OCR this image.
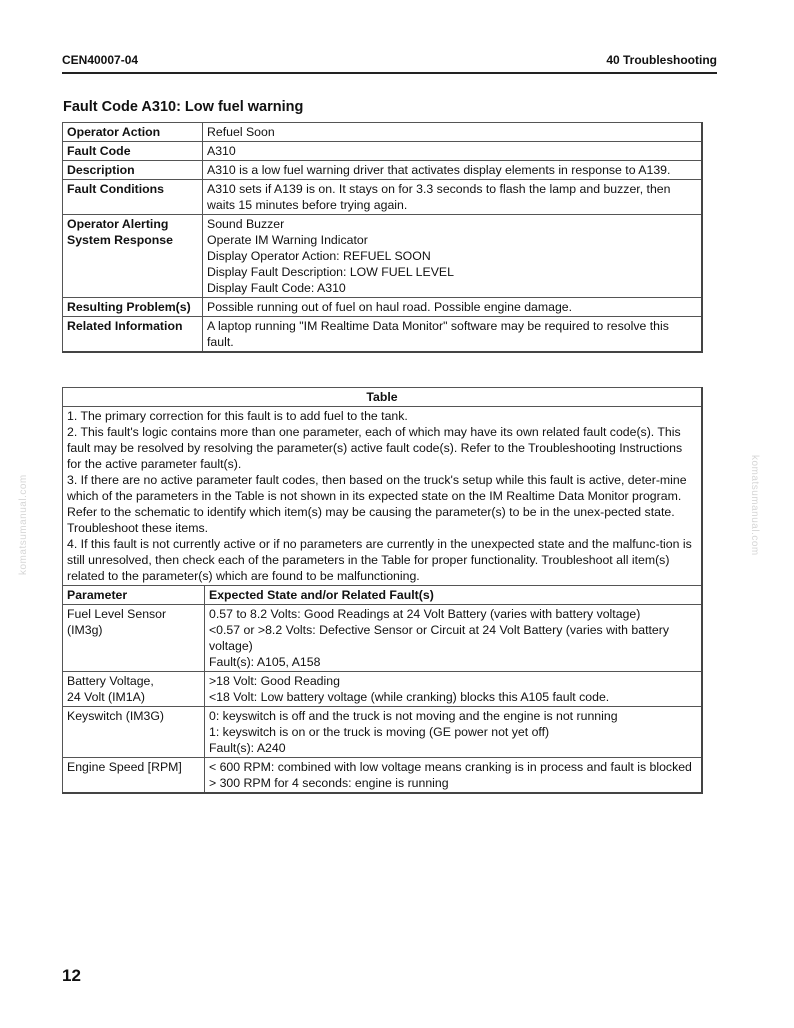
CEN40007-04	40 Troubleshooting
Fault Code A310: Low fuel warning
Operator Action	Refuel Soon

Fault Code	A310

Description	A310 is a low fuel warning driver that activates display elements in response to A139.

Fault Conditions	A310 sets if A139 is on. It stays on for 3.3 seconds to flash the lamp and buzzer, then waits 15 minutes before trying again.

Operator Alerting System Response	Sound Buzzer
Operate IM Warning Indicator
Display Operator Action: REFUEL SOON
Display Fault Description: LOW FUEL LEVEL
Display Fault Code: A310

Resulting Problem(s)	Possible running out of fuel on haul road. Possible engine damage.

Related Information	A laptop running "IM Realtime Data Monitor" software may be required to resolve this fault.
Table	
1. The primary correction for this fault is to add fuel to the tank.
2. This fault's logic contains more than one parameter, each of which may have its own related fault code(s). This fault may be resolved by resolving the parameter(s) active fault code(s). Refer to the Troubleshooting Instructions for the active parameter fault(s).
3. If there are no active parameter fault codes, then based on the truck's setup while this fault is active, deter-mine which of the parameters in the Table is not shown in its expected state on the IM Realtime Data Monitor program. Refer to the schematic to identify which item(s) may be causing the parameter(s) to be in the unex-pected state. Troubleshoot these items.
4. If this fault is not currently active or if no parameters are currently in the unexpected state and the malfunc-tion is still unresolved, then check each of the parameters in the Table for proper functionality. Troubleshoot all item(s) related to the parameter(s) which are found to be malfunctioning.	
Parameter	Expected State and/or Related Fault(s)

Fuel Level Sensor
(IM3g)	0.57 to 8.2 Volts: Good Readings at 24 Volt Battery (varies with battery voltage)
<0.57 or >8.2 Volts: Defective Sensor or Circuit at 24 Volt Battery (varies with battery voltage)
Fault(s): A105, A158

Battery Voltage,
24 Volt (IM1A)	>18 Volt: Good Reading
<18 Volt: Low battery voltage (while cranking) blocks this A105 fault code.

Keyswitch (IM3G)	0: keyswitch is off and the truck is not moving and the engine is not running
1: keyswitch is on or the truck is moving (GE power not yet off)
Fault(s): A240

Engine Speed [RPM]	< 600 RPM: combined with low voltage means cranking is in process and fault is blocked
> 300 RPM for 4 seconds: engine is running
komatsumanual.com	komatsumanual.com
12
